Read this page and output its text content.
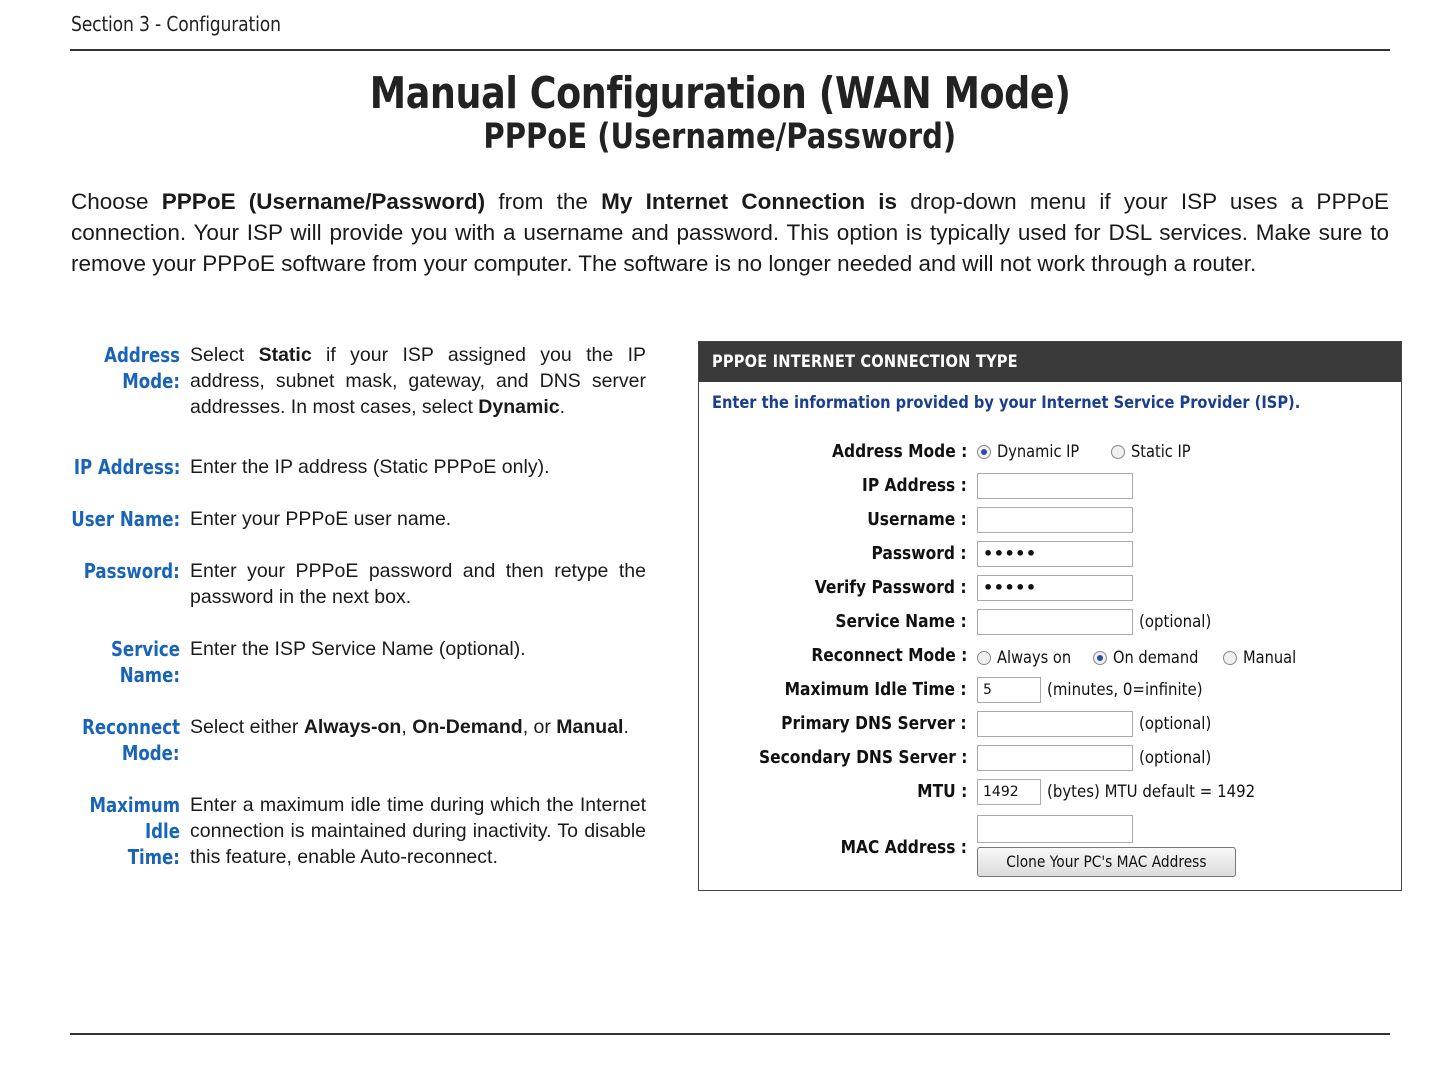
Section 3 - Configuration
Manual Configuration (WAN Mode)
PPPoE (Username/Password)
Choose PPPoE (Username/Password) from the My Internet Connection is drop-down menu if your ISP uses a PPPoE connection. Your ISP will provide you with a username and password. This option is typically used for DSL services. Make sure to remove your PPPoE software from your computer. The software is no longer needed and will not work through a router.
Address Mode:
Select Static if your ISP assigned you the IP address, subnet mask, gateway, and DNS server addresses. In most cases, select Dynamic.
IP Address: Enter the IP address (Static PPPoE only).
User Name: Enter your PPPoE user name.
Password: Enter your PPPoE password and then retype the password in the next box.
Service Name:
Enter the ISP Service Name (optional).
Reconnect
Mode:
Select either Always-on, On-Demand, or Manual.
Maximum Idle
Time:
Enter a maximum idle time during which the Internet connection is maintained during inactivity. To disable this feature, enable Auto-reconnect.
PPPOE INTERNET CONNECTION TYPE
Enter the information provided by your Internet Service Provider (ISP).
Address Mode : Dynamic IP	Static IP
IP Address :
Username :
Password :	•••••
Verify Password :	•••••
Service Name :	(optional)
Reconnect Mode : Always on On demand	Manual
Maximum Idle Time :	5	(minutes, 0=infinite)
Primary DNS Server :	(optional)
Secondary DNS Server :	(optional)
MTU :	1492	(bytes) MTU default = 1492
MAC Address :
Clone Your PC's MAC Address
